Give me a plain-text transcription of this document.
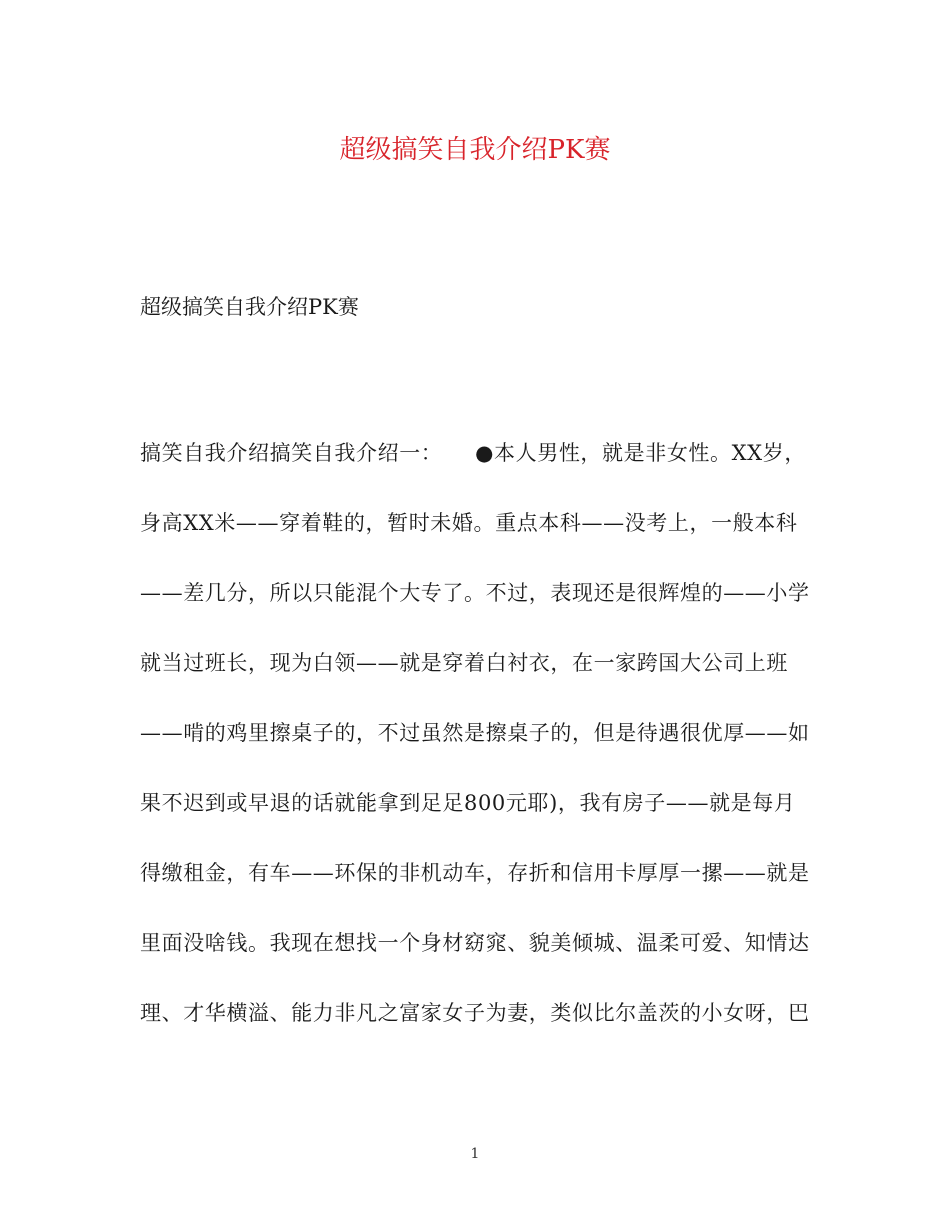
超级搞笑自我介绍PK赛

超级搞笑自我介绍PK赛

搞笑自我介绍搞笑自我介绍一：　　●本人男性，就是非女性。XX岁，
身高XX米——穿着鞋的，暂时未婚。重点本科——没考上，一般本科
——差几分，所以只能混个大专了。不过，表现还是很辉煌的——小学
就当过班长，现为白领——就是穿着白衬衣，在一家跨国大公司上班
——啃的鸡里擦桌子的，不过虽然是擦桌子的，但是待遇很优厚——如
果不迟到或早退的话就能拿到足足800元耶)，我有房子——就是每月
得缴租金，有车——环保的非机动车，存折和信用卡厚厚一摞——就是
里面没啥钱。我现在想找一个身材窈窕、貌美倾城、温柔可爱、知情达
理、才华横溢、能力非凡之富家女子为妻，类似比尔盖茨的小女呀，巴
1
